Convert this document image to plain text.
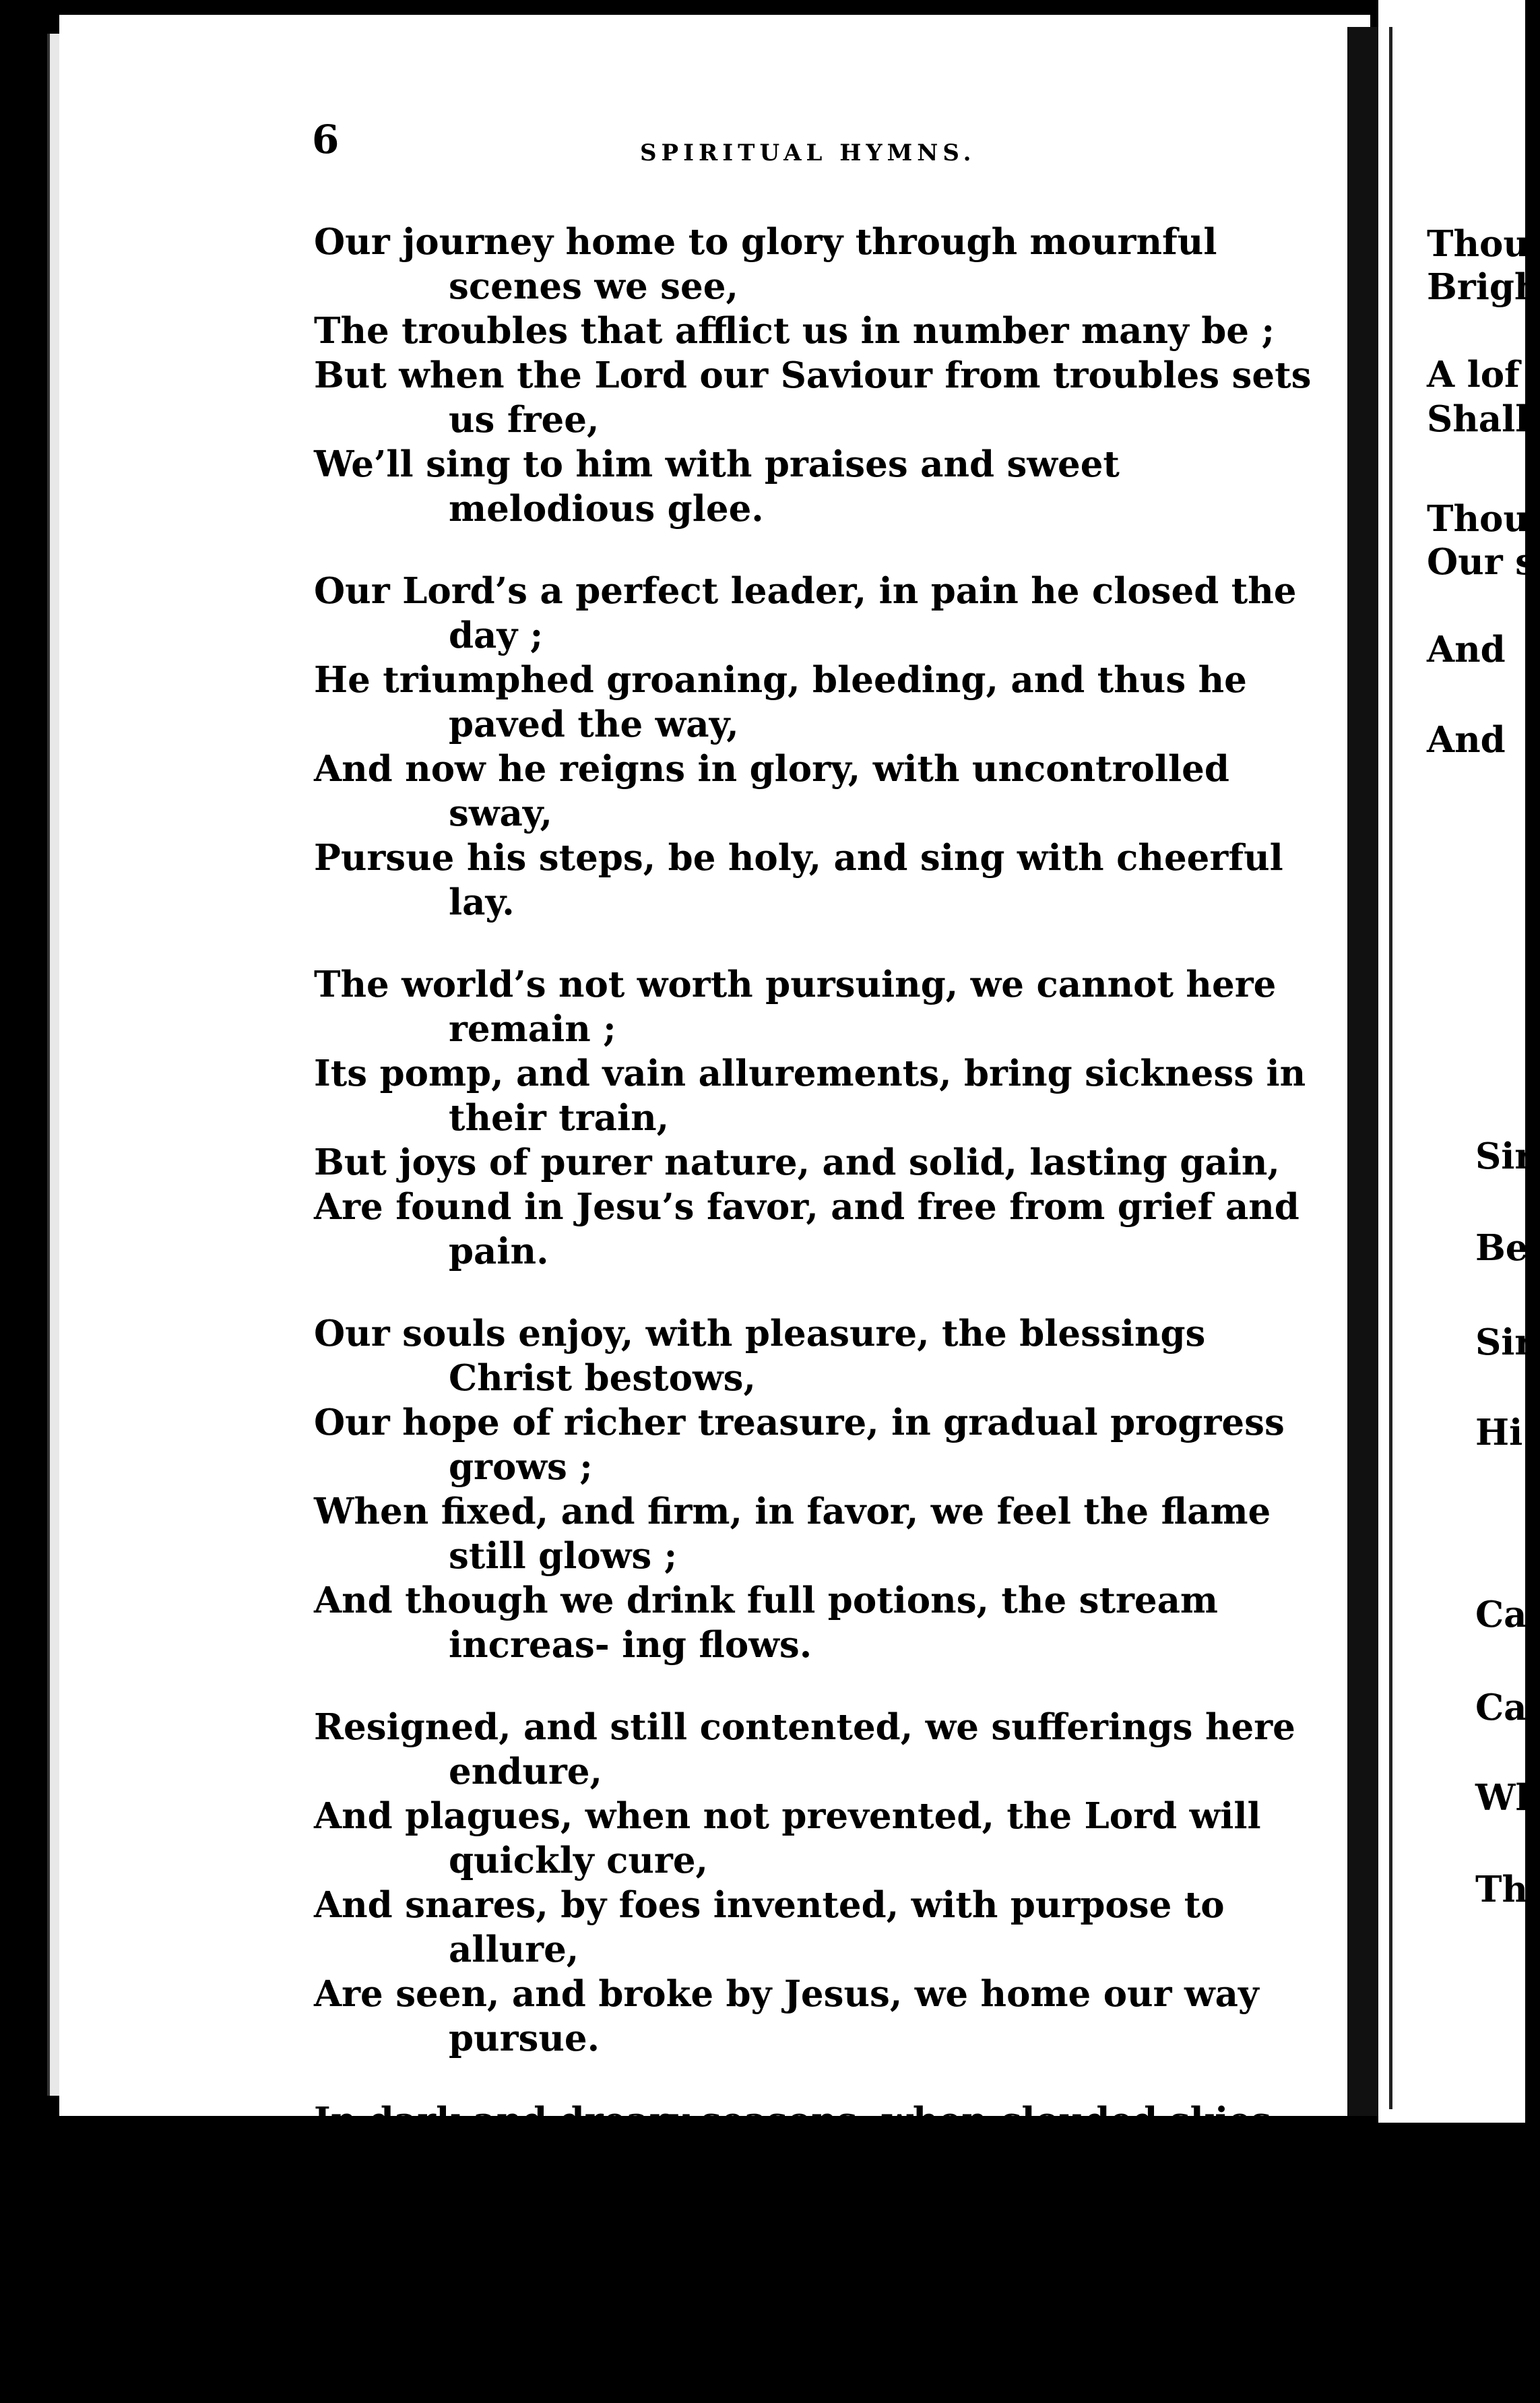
6	SPIRITUAL HYMNS.
Our journey home to glory through mournful scenes we see,
The troubles that afflict us in number many be ;
But when the Lord our Saviour from troubles sets us free,
We’ll sing to him with praises and sweet melodious glee.
Our Lord’s a perfect leader, in pain he closed the day ;
He triumphed groaning, bleeding, and thus he paved the way,
And now he reigns in glory, with uncontrolled sway,
Pursue his steps, be holy, and sing with cheerful lay.
The world’s not worth pursuing, we cannot here remain ;
Its pomp, and vain allurements, bring sickness in their train,
But joys of purer nature, and solid, lasting gain,
Are found in Jesu’s favor, and free from grief and pain.
Our souls enjoy, with pleasure, the blessings Christ bestows,
Our hope of richer treasure, in gradual progress grows ;
When fixed, and firm, in favor, we feel the flame still glows ;
And though we drink full potions, the stream increas- ing flows.
Resigned, and still contented, we sufferings here endure,
And plagues, when not prevented, the Lord will quickly cure,
And snares, by foes invented, with purpose to allure,
Are seen, and broke by Jesus, we home our way pursue.
In dark and dreary seasons, when clouded skies do low’r,
And gloom prevents the vision, and shades encompass round,
We still entrust the Saviour, his promises abound,
And stay upon his favor, he is our Rock and Tower.
Thou
Brigh
A lof
Shall
Thou
Our s
And
And
Sir
Be
Sir
Hi
Ca
Ca
Wl
Th
